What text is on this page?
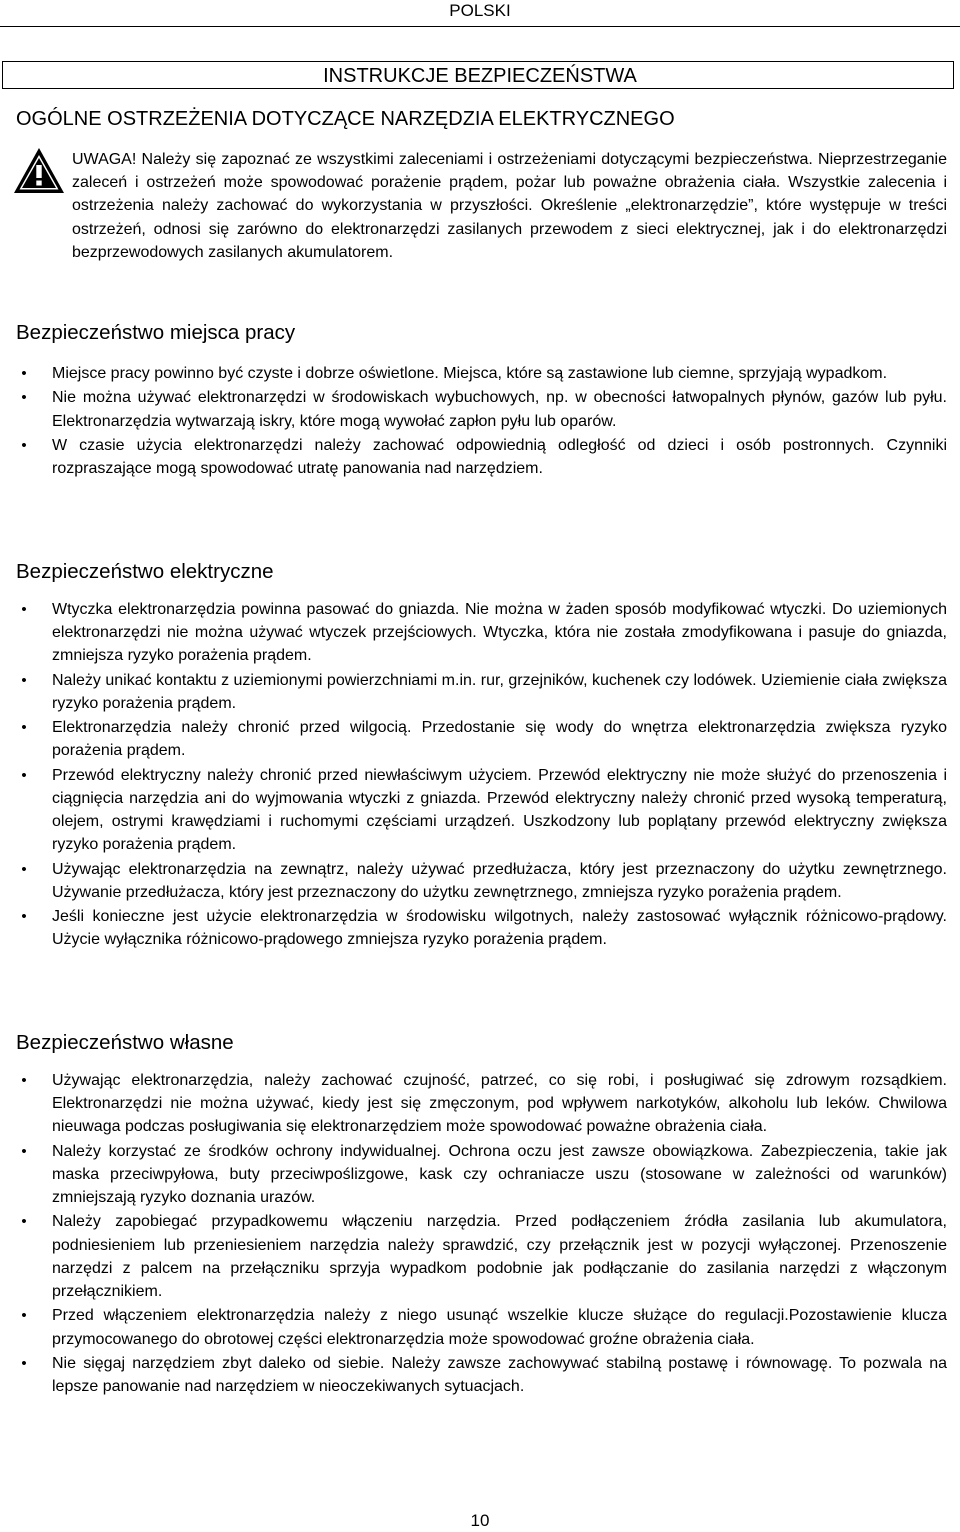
POLSKI
INSTRUKCJE BEZPIECZEŃSTWA
OGÓLNE OSTRZEŻENIA DOTYCZĄCE NARZĘDZIA ELEKTRYCZNEGO
UWAGA! Należy się zapoznać ze wszystkimi zaleceniami i ostrzeżeniami dotyczącymi bezpieczeństwa. Nieprzestrzeganie zaleceń i ostrzeżeń może spowodować porażenie prądem, pożar lub poważne obrażenia ciała. Wszystkie zalecenia i ostrzeżenia należy zachować do wykorzystania w przyszłości. Określenie „elektronarzędzie”, które występuje w treści ostrzeżeń, odnosi się zarówno do elektronarzędzi zasilanych przewodem z sieci elektrycznej, jak i do elektronarzędzi bezprzewodowych zasilanych akumulatorem.
Bezpieczeństwo miejsca pracy
•	Miejsce pracy powinno być czyste i dobrze oświetlone. Miejsca, które są zastawione lub ciemne, sprzyjają wypadkom.
•	Nie można używać elektronarzędzi w środowiskach wybuchowych, np. w obecności łatwopalnych płynów, gazów lub pyłu. Elektronarzędzia wytwarzają iskry, które mogą wywołać zapłon pyłu lub oparów.
•	W czasie użycia elektronarzędzi należy zachować odpowiednią odległość od dzieci i osób postronnych. Czynniki rozpraszające mogą spowodować utratę panowania nad narzędziem.
Bezpieczeństwo elektryczne
•	Wtyczka elektronarzędzia powinna pasować do gniazda. Nie można w żaden sposób modyfikować wtyczki. Do uziemionych elektronarzędzi nie można używać wtyczek przejściowych. Wtyczka, która nie została zmodyfikowana i pasuje do gniazda, zmniejsza ryzyko porażenia prądem.
•	Należy unikać kontaktu z uziemionymi powierzchniami m.in. rur, grzejników, kuchenek czy lodówek. Uziemienie ciała zwiększa ryzyko porażenia prądem.
•	Elektronarzędzia należy chronić przed wilgocią. Przedostanie się wody do wnętrza elektronarzędzia zwiększa ryzyko porażenia prądem.
•	Przewód elektryczny należy chronić przed niewłaściwym użyciem. Przewód elektryczny nie może służyć do przenoszenia i ciągnięcia narzędzia ani do wyjmowania wtyczki z gniazda. Przewód elektryczny należy chronić przed wysoką temperaturą, olejem, ostrymi krawędziami i ruchomymi częściami urządzeń. Uszkodzony lub poplątany przewód elektryczny zwiększa ryzyko porażenia prądem.
•	Używając elektronarzędzia na zewnątrz, należy używać przedłużacza, który jest przeznaczony do użytku zewnętrznego. Używanie przedłużacza, który jest przeznaczony do użytku zewnętrznego, zmniejsza ryzyko porażenia prądem.
•	Jeśli konieczne jest użycie elektronarzędzia w środowisku wilgotnych, należy zastosować wyłącznik różnicowo-prądowy. Użycie wyłącznika różnicowo-prądowego zmniejsza ryzyko porażenia prądem.
Bezpieczeństwo własne
•	Używając elektronarzędzia, należy zachować czujność, patrzeć, co się robi, i posługiwać się zdrowym rozsądkiem. Elektronarzędzi nie można używać, kiedy jest się zmęczonym, pod wpływem narkotyków, alkoholu lub leków. Chwilowa nieuwaga podczas posługiwania się elektronarzędziem może spowodować poważne obrażenia ciała.
•	Należy korzystać ze środków ochrony indywidualnej. Ochrona oczu jest zawsze obowiązkowa. Zabezpieczenia, takie jak maska przeciwpyłowa, buty przeciwpoślizgowe, kask czy ochraniacze uszu (stosowane w zależności od warunków) zmniejszają ryzyko doznania urazów.
•	Należy zapobiegać przypadkowemu włączeniu narzędzia. Przed podłączeniem źródła zasilania lub akumulatora, podniesieniem lub przeniesieniem narzędzia należy sprawdzić, czy przełącznik jest w pozycji wyłączonej. Przenoszenie narzędzi z palcem na przełączniku sprzyja wypadkom podobnie jak podłączanie do zasilania narzędzi z włączonym przełącznikiem.
•	Przed włączeniem elektronarzędzia należy z niego usunąć wszelkie klucze służące do regulacji.Pozostawienie klucza przymocowanego do obrotowej części elektronarzędzia może spowodować groźne obrażenia ciała.
•	Nie sięgaj narzędziem zbyt daleko od siebie. Należy zawsze zachowywać stabilną postawę i równowagę. To pozwala na lepsze panowanie nad narzędziem w nieoczekiwanych sytuacjach.
10
